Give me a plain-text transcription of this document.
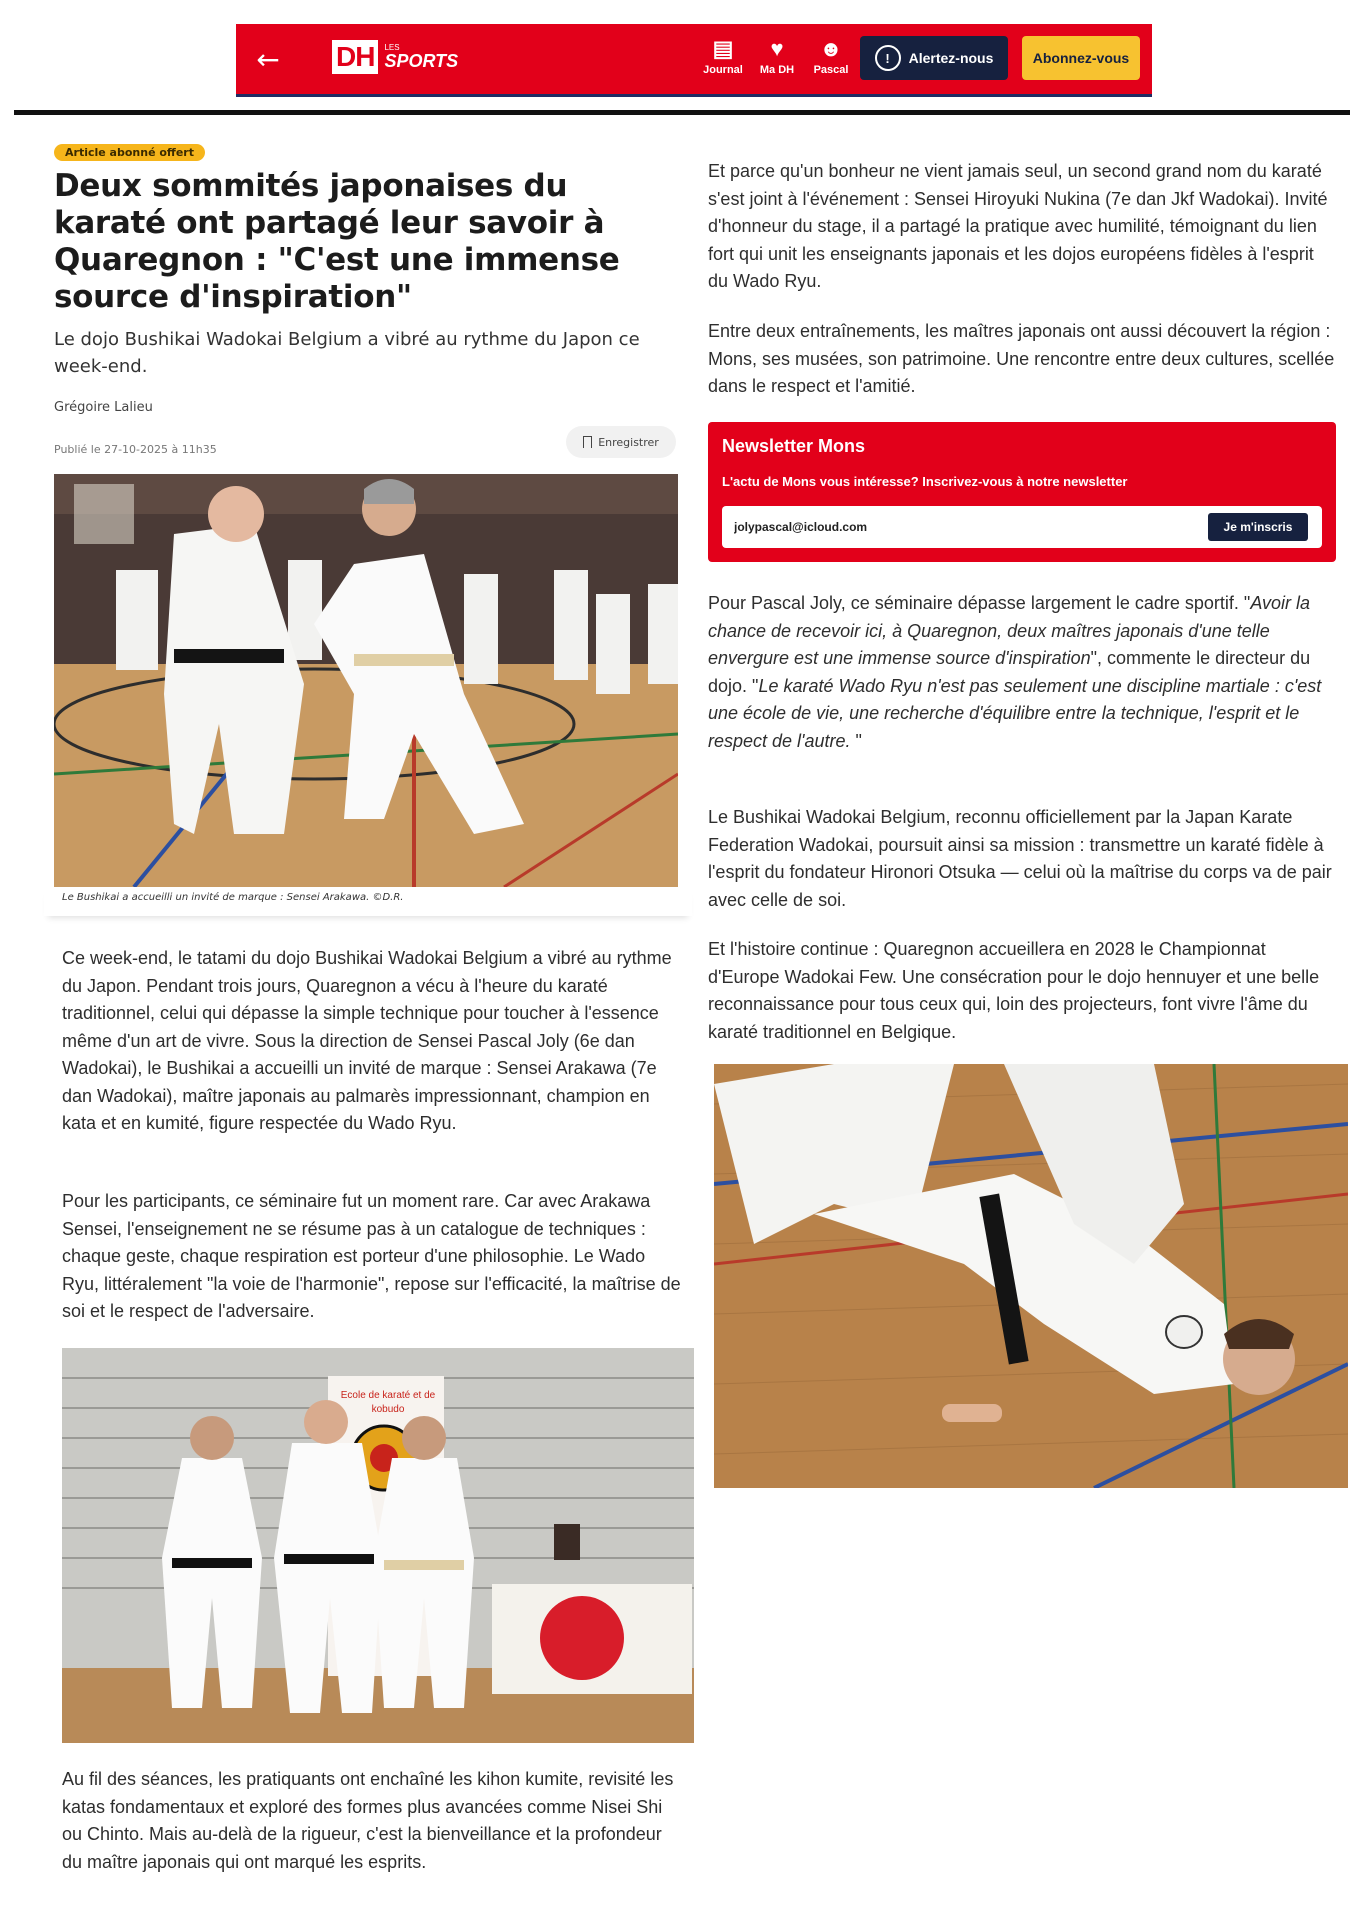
←	DH	LES
SPORTS	▤
Journal
♥
Ma DH
☻
Pascal
!	Alertez-nous	Abonnez-vous
Article abonné offert
Deux sommités japonaises du karaté ont partagé leur savoir à Quaregnon : "C'est une immense source d'inspiration"
Le dojo Bushikai Wadokai Belgium a vibré au rythme du Japon ce week-end.
Grégoire Lalieu
Publié le 27-10-2025 à 11h35
Enregistrer
Le Bushikai a accueilli un invité de marque : Sensei Arakawa. ©D.R.
Ce week-end, le tatami du dojo Bushikai Wadokai Belgium a vibré au rythme du Japon. Pendant trois jours, Quaregnon a vécu à l'heure du karaté traditionnel, celui qui dépasse la simple technique pour toucher à l'essence même d'un art de vivre. Sous la direction de Sensei Pascal Joly (6e dan Wadokai), le Bushikai a accueilli un invité de marque : Sensei Arakawa (7e dan Wadokai), maître japonais au palmarès impressionnant, champion en kata et en kumité, figure respectée du Wado Ryu.
Pour les participants, ce séminaire fut un moment rare. Car avec Arakawa Sensei, l'enseignement ne se résume pas à un catalogue de techniques : chaque geste, chaque respiration est porteur d'une philosophie. Le Wado Ryu, littéralement "la voie de l'harmonie", repose sur l'efficacité, la maîtrise de soi et le respect de l'adversaire.
Ecole de karaté et de
kobudo
Au fil des séances, les pratiquants ont enchaîné les kihon kumite, revisité les katas fondamentaux et exploré des formes plus avancées comme Nisei Shi ou Chinto. Mais au-delà de la rigueur, c'est la bienveillance et la profondeur du maître japonais qui ont marqué les esprits.
Et parce qu'un bonheur ne vient jamais seul, un second grand nom du karaté s'est joint à l'événement : Sensei Hiroyuki Nukina (7e dan Jkf Wadokai). Invité d'honneur du stage, il a partagé la pratique avec humilité, témoignant du lien fort qui unit les enseignants japonais et les dojos européens fidèles à l'esprit du Wado Ryu.
Entre deux entraînements, les maîtres japonais ont aussi découvert la région : Mons, ses musées, son patrimoine. Une rencontre entre deux cultures, scellée dans le respect et l'amitié.
Newsletter Mons
L'actu de Mons vous intéresse? Inscrivez-vous à notre newsletter
jolypascal@icloud.com
Je m'inscris
Pour Pascal Joly, ce séminaire dépasse largement le cadre sportif. "Avoir la chance de recevoir ici, à Quaregnon, deux maîtres japonais d'une telle envergure est une immense source d'inspiration", commente le directeur du dojo. "Le karaté Wado Ryu n'est pas seulement une discipline martiale : c'est une école de vie, une recherche d'équilibre entre la technique, l'esprit et le respect de l'autre. "
Le Bushikai Wadokai Belgium, reconnu officiellement par la Japan Karate Federation Wadokai, poursuit ainsi sa mission : transmettre un karaté fidèle à l'esprit du fondateur Hironori Otsuka — celui où la maîtrise du corps va de pair avec celle de soi.
Et l'histoire continue : Quaregnon accueillera en 2028 le Championnat d'Europe Wadokai Few. Une consécration pour le dojo hennuyer et une belle reconnaissance pour tous ceux qui, loin des projecteurs, font vivre l'âme du karaté traditionnel en Belgique.
